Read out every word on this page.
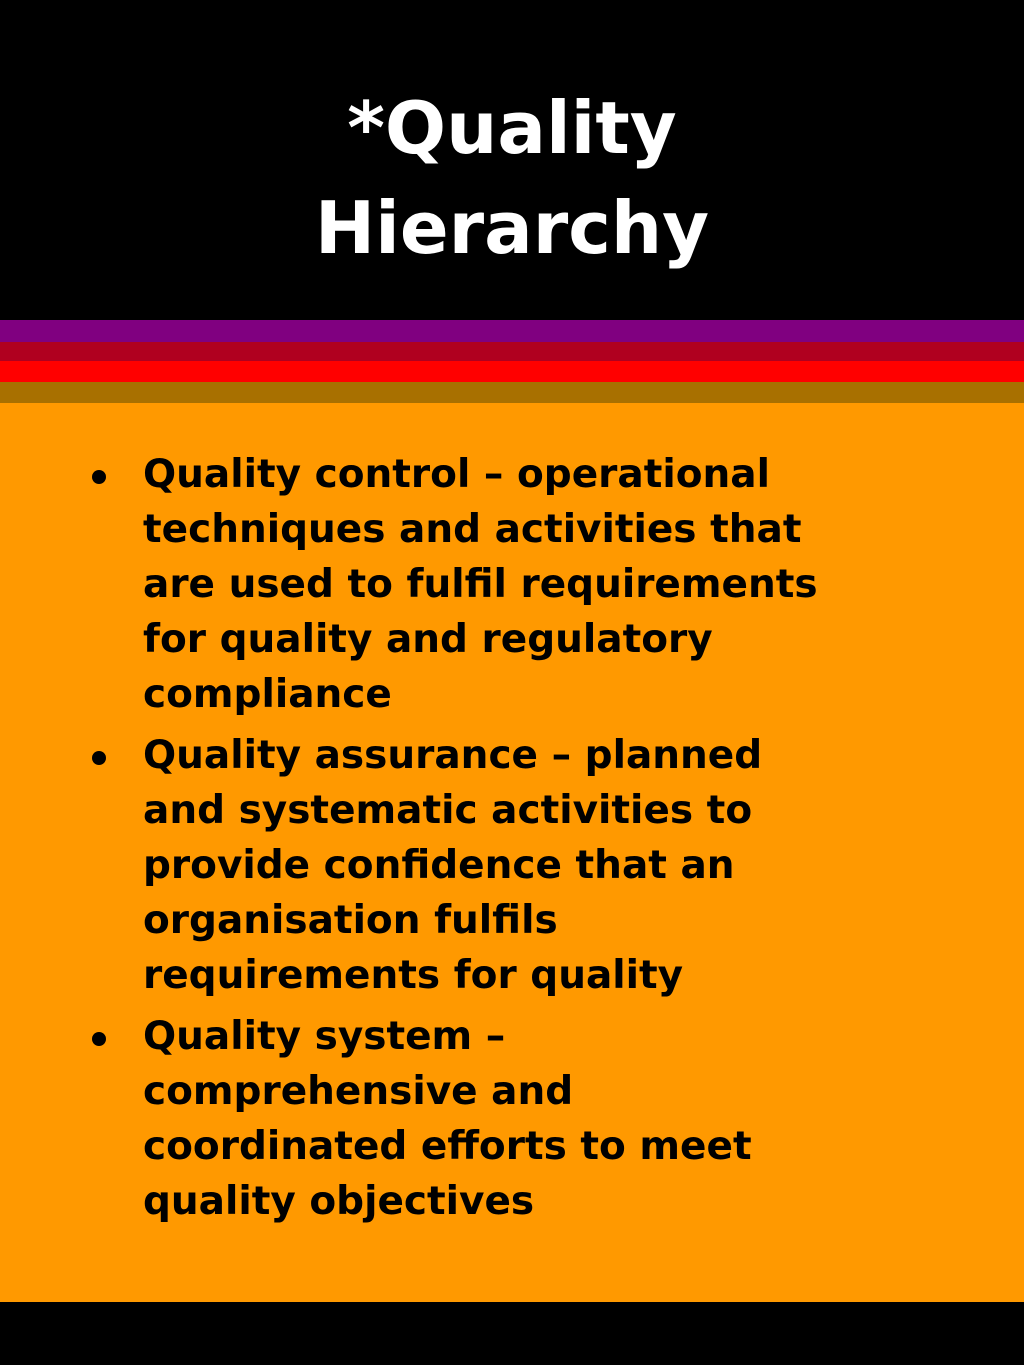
*Quality
Hierarchy
Quality control – operational
techniques and activities that
are used to fulfil requirements
for quality and regulatory
compliance
Quality assurance – planned
and systematic activities to
provide confidence that an
organisation fulfils
requirements for quality
Quality system –
comprehensive and
coordinated efforts to meet
quality objectives
